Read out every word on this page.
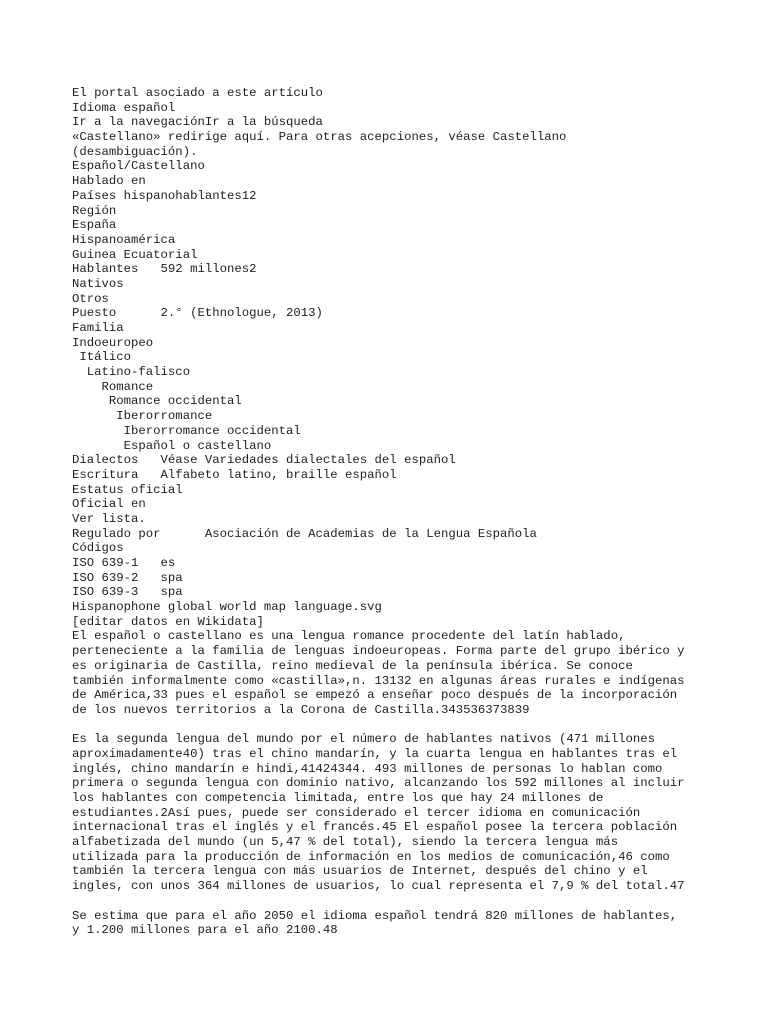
El portal asociado a este artículo
Idioma español
Ir a la navegaciónIr a la búsqueda
«Castellano» redirige aquí. Para otras acepciones, véase Castellano
(desambiguación).
Español/Castellano
Hablado en
Países hispanohablantes12
Región
España
Hispanoamérica
Guinea Ecuatorial
Hablantes   592 millones2
Nativos
Otros
Puesto      2.° (Ethnologue, 2013)
Familia
Indoeuropeo
Itálico
Latino-falisco
Romance
Romance occidental
Iberorromance
Iberorromance occidental
Español o castellano
Dialectos   Véase Variedades dialectales del español
Escritura   Alfabeto latino, braille español
Estatus oficial
Oficial en
Ver lista.
Regulado por      Asociación de Academias de la Lengua Española
Códigos
ISO 639-1   es
ISO 639-2   spa
ISO 639-3   spa
Hispanophone global world map language.svg
[editar datos en Wikidata]
El español o castellano es una lengua romance procedente del latín hablado,
perteneciente a la familia de lenguas indoeuropeas. Forma parte del grupo ibérico y
es originaria de Castilla, reino medieval de la península ibérica. Se conoce
también informalmente como «castilla»,n. 13132 en algunas áreas rurales e indígenas
de América,33 pues el español se empezó a enseñar poco después de la incorporación
de los nuevos territorios a la Corona de Castilla.343536373839
Es la segunda lengua del mundo por el número de hablantes nativos (471 millones
aproximadamente40) tras el chino mandarín, y la cuarta lengua en hablantes tras el
inglés, chino mandarín e hindi,41424344. 493 millones de personas lo hablan como
primera o segunda lengua con dominio nativo, alcanzando los 592 millones al incluir
los hablantes con competencia limitada, entre los que hay 24 millones de
estudiantes.2Así pues, puede ser considerado el tercer idioma en comunicación
internacional tras el inglés y el francés.45 El español posee la tercera población
alfabetizada del mundo (un 5,47 % del total), siendo la tercera lengua más
utilizada para la producción de información en los medios de comunicación,46 como
también la tercera lengua con más usuarios de Internet, después del chino y el
ingles, con unos 364 millones de usuarios, lo cual representa el 7,9 % del total.47
Se estima que para el año 2050 el idioma español tendrá 820 millones de hablantes,
y 1.200 millones para el año 2100.48
